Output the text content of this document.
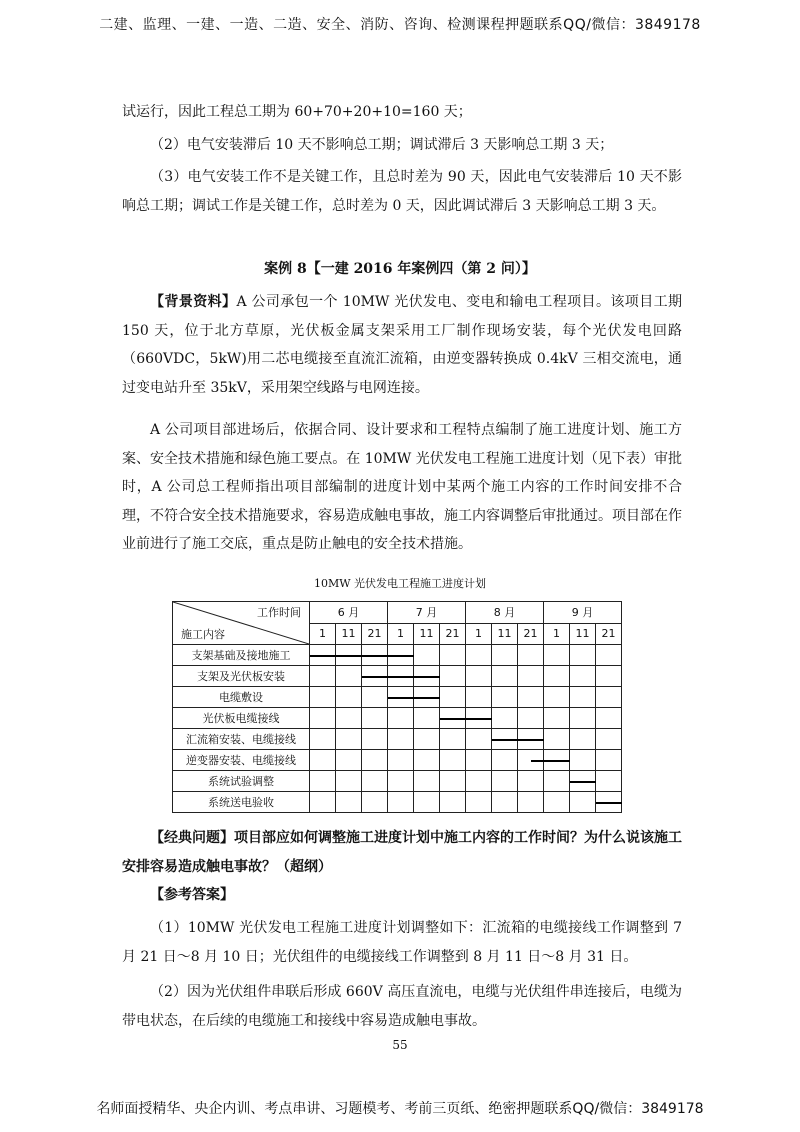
二建、监理、一建、一造、二造、安全、消防、咨询、检测课程押题联系QQ/微信：3849178

试运行，因此工程总工期为 60+70+20+10=160 天；

（2）电气安装滞后 10 天不影响总工期；调试滞后 3 天影响总工期 3 天；

（3）电气安装工作不是关键工作，且总时差为 90 天，因此电气安装滞后 10 天不影响总工期；调试工作是关键工作，总时差为 0 天，因此调试滞后 3 天影响总工期 3 天。

案例 8【一建 2016 年案例四（第 2 问）】

【背景资料】A 公司承包一个 10MW 光伏发电、变电和输电工程项目。该项目工期 150 天，位于北方草原，光伏板金属支架采用工厂制作现场安装，每个光伏发电回路（660VDC，5kW)用二芯电缆接至直流汇流箱，由逆变器转换成 0.4kV 三相交流电，通过变电站升至 35kV，采用架空线路与电网连接。

A 公司项目部进场后，依据合同、设计要求和工程特点编制了施工进度计划、施工方案、安全技术措施和绿色施工要点。在 10MW 光伏发电工程施工进度计划（见下表）审批时，A 公司总工程师指出项目部编制的进度计划中某两个施工内容的工作时间安排不合理，不符合安全技术措施要求，容易造成触电事故，施工内容调整后审批通过。项目部在作业前进行了施工交底，重点是防止触电的安全技术措施。

10MW 光伏发电工程施工进度计划
工作时间
施工内容	6 月			7 月			8 月			9 月		
	1	11	21	1	11	21	1	11	21	1	11	21
支架基础及接地施工												
支架及光伏板安装												
电缆敷设												
光伏板电缆接线												
汇流箱安装、电缆接线												
逆变器安装、电缆接线												
系统试验调整												
系统送电验收												

【经典问题】项目部应如何调整施工进度计划中施工内容的工作时间？为什么说该施工安排容易造成触电事故？（超纲）

【参考答案】

（1）10MW 光伏发电工程施工进度计划调整如下：汇流箱的电缆接线工作调整到 7 月 21 日～8 月 10 日；光伏组件的电缆接线工作调整到 8 月 11 日～8 月 31 日。

（2）因为光伏组件串联后形成 660V 高压直流电，电缆与光伏组件串连接后，电缆为带电状态，在后续的电缆施工和接线中容易造成触电事故。

55
名师面授精华、央企内训、考点串讲、习题模考、考前三页纸、绝密押题联系QQ/微信：3849178
